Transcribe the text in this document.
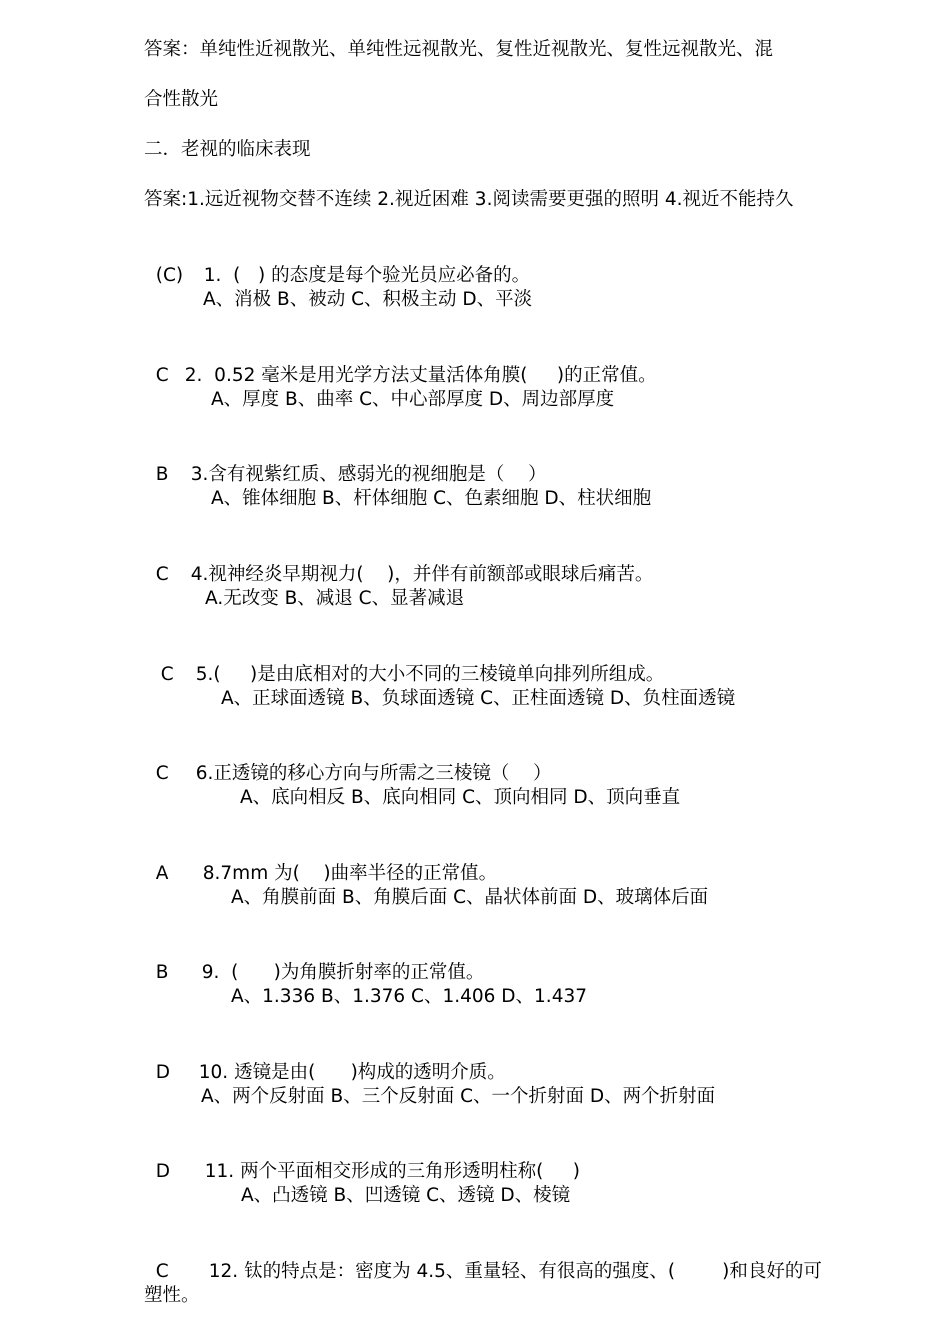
答案：单纯性近视散光、单纯性远视散光、复性近视散光、复性远视散光、混
合性散光
二．老视的临床表现
答案:1.远近视物交替不连续 2.视近困难 3.阅读需要更强的照明 4.视近不能持久

(C) 1.  (   ) 的态度是每个验光员应必备的。

A、消极 B、被动 C、积极主动 D、平淡

C 2.  0.52 毫米是用光学方法丈量活体角膜(     )的正常值。

A、厚度 B、曲率 C、中心部厚度 D、周边部厚度

B 3.含有视紫红质、感弱光的视细胞是（    ）

A、锥体细胞 B、杆体细胞 C、色素细胞 D、柱状细胞

C 4.视神经炎早期视力(    )，并伴有前额部或眼球后痛苦。

A.无改变 B、减退 C、显著减退

C 5.(     )是由底相对的大小不同的三棱镜单向排列所组成。

A、正球面透镜 B、负球面透镜 C、正柱面透镜 D、负柱面透镜

C 6.正透镜的移心方向与所需之三棱镜（    ）

A、底向相反 B、底向相同 C、顶向相同 D、顶向垂直

A 8.7mm 为(    )曲率半径的正常值。

A、角膜前面 B、角膜后面 C、晶状体前面 D、玻璃体后面

B 9.  (      )为角膜折射率的正常值。

A、1.336 B、1.376 C、1.406 D、1.437

D 10. 透镜是由(      )构成的透明介质。

A、两个反射面 B、三个反射面 C、一个折射面 D、两个折射面

D 11. 两个平面相交形成的三角形透明柱称(     )

A、凸透镜 B、凹透镜 C、透镜 D、棱镜

C 12. 钛的特点是：密度为 4.5、重量轻、有很高的强度、(        )和良好的可

塑性。
